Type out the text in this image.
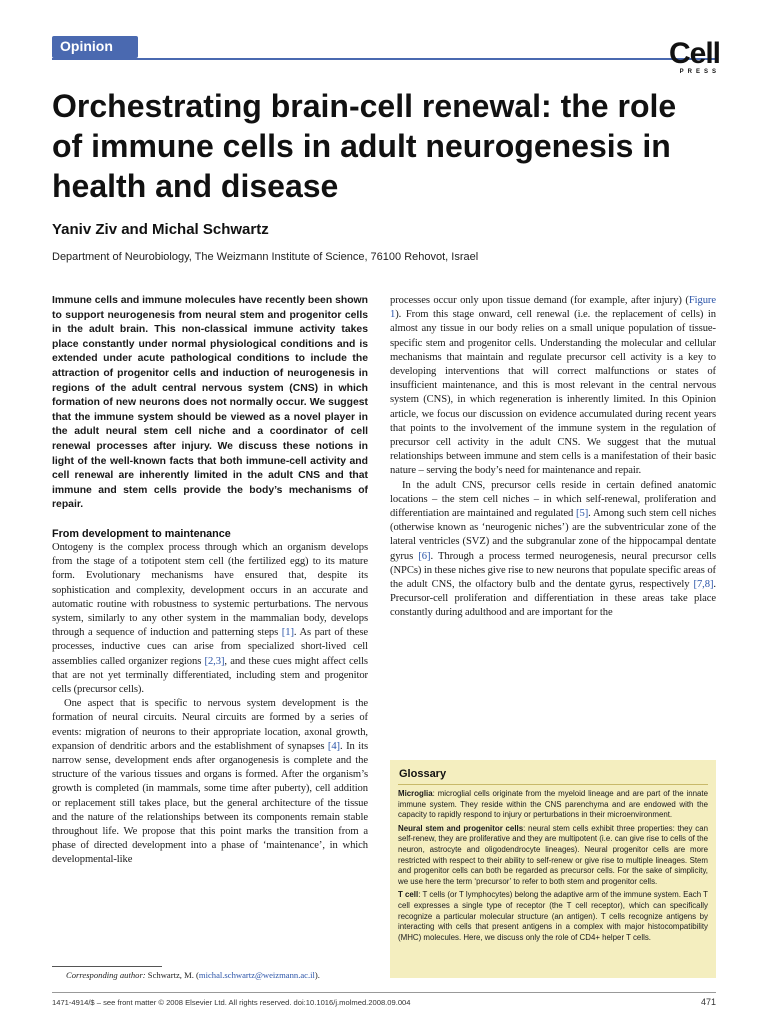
Opinion	Cell
PRESS
Orchestrating brain-cell renewal: the role of immune cells in adult neurogenesis in health and disease
Yaniv Ziv and Michal Schwartz
Department of Neurobiology, The Weizmann Institute of Science, 76100 Rehovot, Israel

Immune cells and immune molecules have recently been shown to support neurogenesis from neural stem and progenitor cells in the adult brain. This non-classical immune activity takes place constantly under normal physiological conditions and is extended under acute pathological conditions to include the attraction of progenitor cells and induction of neurogenesis in regions of the adult central nervous system (CNS) in which formation of new neurons does not normally occur. We suggest that the immune system should be viewed as a novel player in the adult neural stem cell niche and a coordinator of cell renewal processes after injury. We discuss these notions in light of the well-known facts that both immune-cell activity and cell renewal are inherently limited in the adult CNS and that immune and stem cells provide the body’s mechanisms of repair.

From development to maintenance

Ontogeny is the complex process through which an organism develops from the stage of a totipotent stem cell (the fertilized egg) to its mature form. Evolutionary mechanisms have ensured that, despite its sophistication and complexity, development occurs in an accurate and automatic routine with robustness to systemic perturbations. The nervous system, similarly to any other system in the mammalian body, develops through a sequence of induction and patterning steps [1]. As part of these processes, inductive cues can arise from specialized short-lived cell assemblies called organizer regions [2,3], and these cues might affect cells that are not yet terminally differentiated, including stem and progenitor cells (precursor cells).

One aspect that is specific to nervous system development is the formation of neural circuits. Neural circuits are formed by a series of events: migration of neurons to their appropriate location, axonal growth, expansion of dendritic arbors and the establishment of synapses [4]. In its narrow sense, development ends after organogenesis is complete and the structure of the various tissues and organs is formed. After the organism’s growth is completed (in mammals, some time after puberty), cell addition or replacement still takes place, but the general architecture of the tissue and the nature of the relationships between its components remain stable throughout life. We propose that this point marks the transition from a phase of directed development into a phase of ‘maintenance’, in which developmental-like

processes occur only upon tissue demand (for example, after injury) (Figure 1). From this stage onward, cell renewal (i.e. the replacement of cells) in almost any tissue in our body relies on a small unique population of tissue-specific stem and progenitor cells. Understanding the molecular and cellular mechanisms that maintain and regulate precursor cell activity is a key to developing interventions that will correct malfunctions or states of insufficient maintenance, and this is most relevant in the central nervous system (CNS), in which regeneration is inherently limited. In this Opinion article, we focus our discussion on evidence accumulated during recent years that points to the involvement of the immune system in the regulation of precursor cell activity in the adult CNS. We suggest that the mutual relationships between immune and stem cells is a manifestation of their basic nature – serving the body’s need for maintenance and repair.

In the adult CNS, precursor cells reside in certain defined anatomic locations – the stem cell niches – in which self-renewal, proliferation and differentiation are maintained and regulated [5]. Among such stem cell niches (otherwise known as ‘neurogenic niches’) are the subventricular zone of the lateral ventricles (SVZ) and the subgranular zone of the hippocampal dentate gyrus [6]. Through a process termed neurogenesis, neural precursor cells (NPCs) in these niches give rise to new neurons that populate specific areas of the adult CNS, the olfactory bulb and the dentate gyrus, respectively [7,8]. Precursor-cell proliferation and differentiation in these areas take place constantly during adulthood and are important for the

Glossary
Microglia: microglial cells originate from the myeloid lineage and are part of the innate immune system. They reside within the CNS parenchyma and are endowed with the capacity to rapidly respond to injury or perturbations in their microenvironment.
Neural stem and progenitor cells: neural stem cells exhibit three properties: they can self-renew, they are proliferative and they are multipotent (i.e. can give rise to cells of the neuron, astrocyte and oligodendrocyte lineages). Neural progenitor cells are more restricted with respect to their ability to self-renew or give rise to multiple lineages. Stem and progenitor cells can both be regarded as precursor cells. For the sake of simplicity, we use here the term ‘precursor’ to refer to both stem and progenitor cells.
T cell: T cells (or T lymphocytes) belong the adaptive arm of the immune system. Each T cell expresses a single type of receptor (the T cell receptor), which can specifically recognize a particular molecular structure (an antigen). T cells recognize antigens by interacting with cells that present antigens in a complex with major histocompatibility (MHC) molecules. Here, we discuss only the role of CD4+ helper T cells.
Corresponding author: Schwartz, M. (michal.schwartz@weizmann.ac.il).
1471-4914/$ – see front matter © 2008 Elsevier Ltd. All rights reserved. doi:10.1016/j.molmed.2008.09.004	471
